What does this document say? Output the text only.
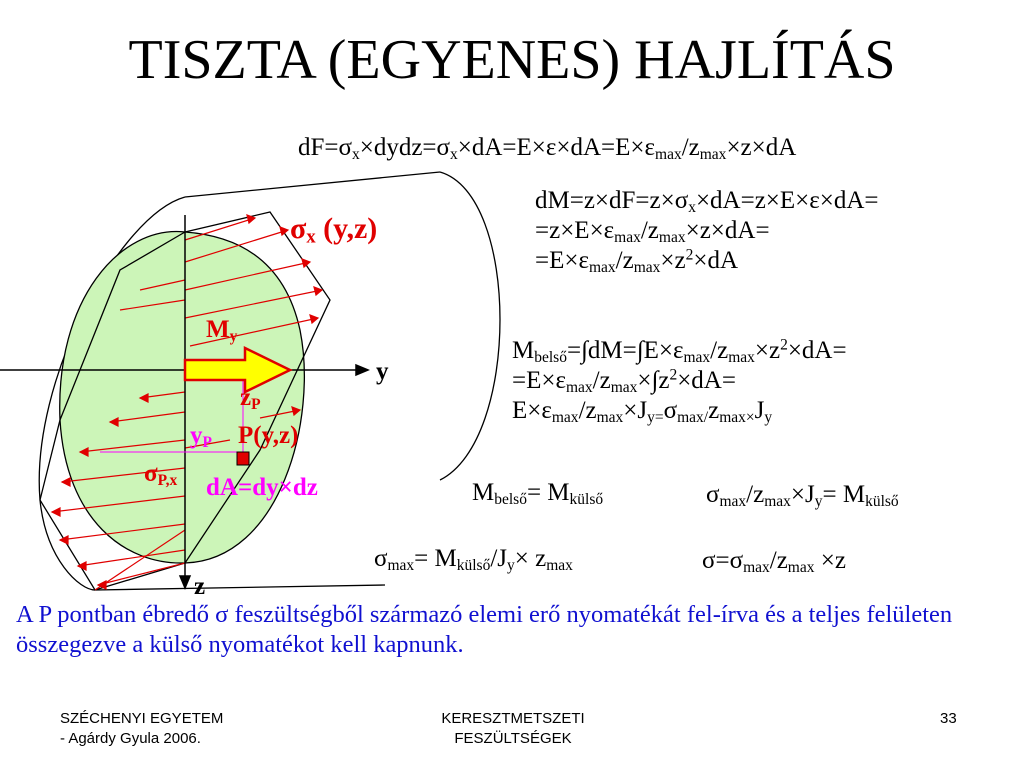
TISZTA (EGYENES) HAJLÍTÁS
$\sigma_x$ (y,z)
$M_y$
y
z
$z_P$
$y_P$ P(y,z)
$\sigma_{P,x}$ dA=dy×dz
$dF=\sigma_x\times dydz=\sigma_x\times dA=E\times\varepsilon\times dA=E\times\varepsilon_{max}/z_{max}\times z\times dA$
$dM=z\times dF=z\times\sigma_x\times dA=z\times E\times\varepsilon\times dA=$
$=z\times E\times\varepsilon_{max}/z_{max}\times z\times dA=$
$=E\times\varepsilon_{max}/z_{max}\times z^2\times dA$
$M_{belső}=\int dM=\int E\times\varepsilon_{max}/z_{max}\times z^2\times dA=$
$=E\times\varepsilon_{max}/z_{max}\times\int z^2\times dA=$
$E\times\varepsilon_{max}/z_{max}\times J_{y=}\sigma_{max/}z_{max\times}J_y$
$M_{belső}= M_{külső}$	$\sigma_{max}/z_{max}\times J_y= M_{külső}$
$\sigma_{max}= M_{külső}/J_y\times z_{max}$	$\sigma=\sigma_{max}/z_{max} \times z$
A P pontban ébredő σ feszültségből származó elemi erő nyomatékát fel-írva és a teljes felületen összegezve a külső nyomatékot kell kapnunk.
SZÉCHENYI EGYETEM
- Agárdy Gyula 2006.
KERESZTMETSZETI
FESZÜLTSÉGEK
33
